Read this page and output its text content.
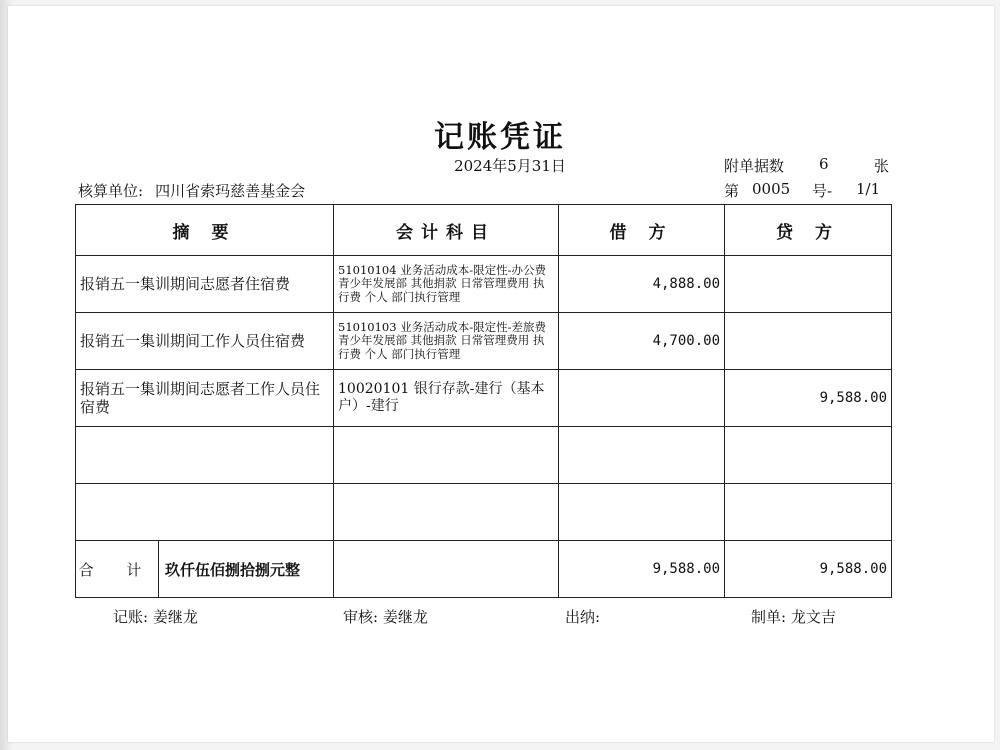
记账凭证
2024年5月31日	附单据数 6	张
核算单位: 四川省索玛慈善基金会	第 0005 号- 1/1
摘 要	会计科目	借 方	贷 方
报销五一集训期间志愿者住宿费	51010104 业务活动成本-限定性-办公费 青少年发展部 其他捐款 日常管理费用 执行费 个人 部门执行管理	4,888.00	
报销五一集训期间工作人员住宿费	51010103 业务活动成本-限定性-差旅费 青少年发展部 其他捐款 日常管理费用 执行费 个人 部门执行管理	4,700.00	
报销五一集训期间志愿者工作人员住宿费	10020101 银行存款-建行（基本户）-建行		9,588.00

合 计 玖仟伍佰捌拾捌元整		9,588.00	9,588.00
记账: 姜继龙	审核: 姜继龙	出纳:	制单: 龙文吉
